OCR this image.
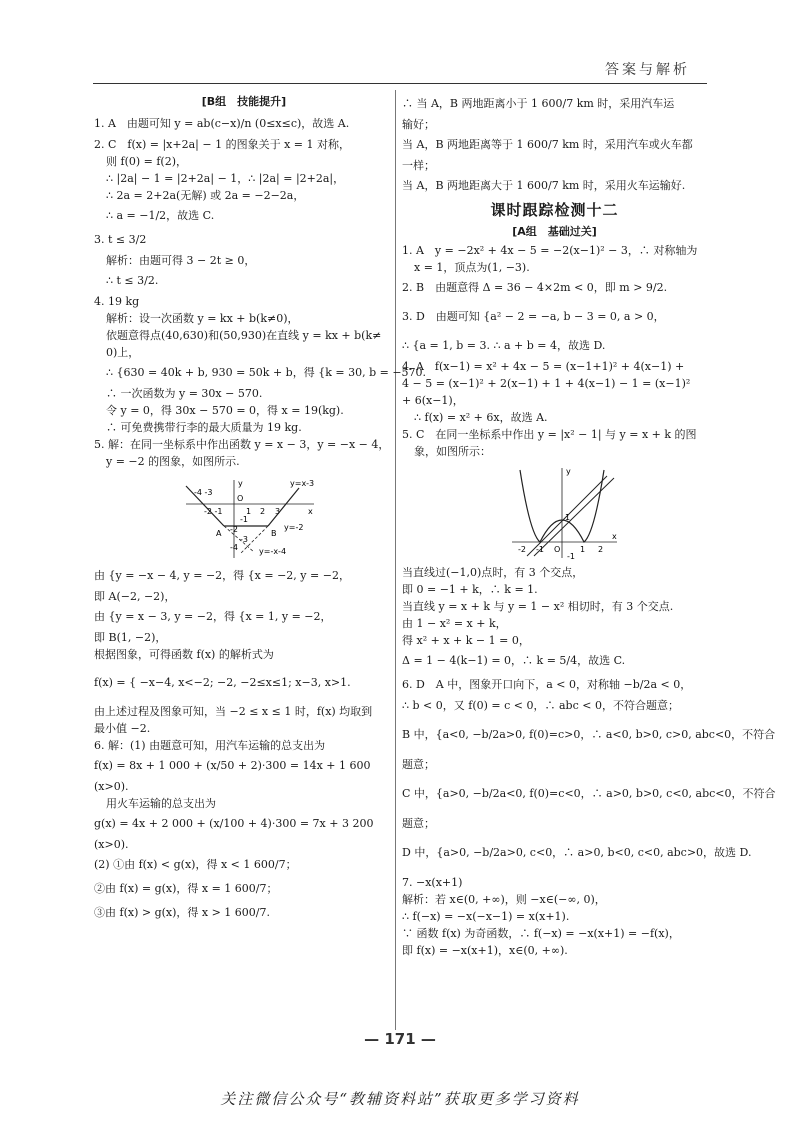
答案与解析
[B组　技能提升]
1. A　由题可知 y = ab(c−x)/n (0≤x≤c)，故选 A.
2. C　f(x) = |x+2a| − 1 的图象关于 x = 1 对称，
则 f(0) = f(2)，
∴ |2a| − 1 = |2+2a| − 1，∴ |2a| = |2+2a|，
∴ 2a = 2+2a(无解) 或 2a = −2−2a，
∴ a = −1/2，故选 C.
3. t ≤ 3/2
解析：由题可得 3 − 2t ≥ 0，
∴ t ≤ 3/2.
4. 19 kg
解析：设一次函数 y = kx + b(k≠0)，
依题意得点(40,630)和(50,930)在直线 y = kx + b(k≠
0)上，
∴ {630 = 40k + b, 930 = 50k + b，得 {k = 30, b = −570.
∴ 一次函数为 y = 30x − 570.
令 y = 0，得 30x − 570 = 0，得 x = 19(kg).
∴ 可免费携带行李的最大质量为 19 kg.
5. 解：在同一坐标系中作出函数 y = x − 3，y = −x − 4，
y = −2 的图象，如图所示.
y
O
x
y=x-3
y=-2
y=-x-4
A	B
-4 -3
-2 -1	1 2 3
-1
-2
-3
-4
由 {y = −x − 4, y = −2，得 {x = −2, y = −2，
即 A(−2, −2)，
由 {y = x − 3, y = −2，得 {x = 1, y = −2，
即 B(1, −2)，
根据图象，可得函数 f(x) 的解析式为
f(x) = { −x−4, x<−2; −2, −2≤x≤1; x−3, x>1.
由上述过程及图象可知，当 −2 ≤ x ≤ 1 时，f(x) 均取到
最小值 −2.
6. 解：(1) 由题意可知，用汽车运输的总支出为
f(x) = 8x + 1 000 + (x/50 + 2)·300 = 14x + 1 600
(x>0).
用火车运输的总支出为
g(x) = 4x + 2 000 + (x/100 + 4)·300 = 7x + 3 200
(x>0).
(2) ①由 f(x) < g(x)，得 x < 1 600/7；
②由 f(x) = g(x)，得 x = 1 600/7；
③由 f(x) > g(x)，得 x > 1 600/7.
∴ 当 A，B 两地距离小于 1 600/7 km 时，采用汽车运
输好；
当 A，B 两地距离等于 1 600/7 km 时，采用汽车或火车都
一样；
当 A，B 两地距离大于 1 600/7 km 时，采用火车运输好.
课时跟踪检测十二
[A组　基础过关]
1. A　y = −2x² + 4x − 5 = −2(x−1)² − 3，∴ 对称轴为
x = 1，顶点为(1, −3).
2. B　由题意得 Δ = 36 − 4×2m < 0，即 m > 9/2.
3. D　由题可知 {a² − 2 = −a, b − 3 = 0, a > 0，
∴ {a = 1, b = 3. ∴ a + b = 4，故选 D.
4. A　f(x−1) = x² + 4x − 5 = (x−1+1)² + 4(x−1) +
4 − 5 = (x−1)² + 2(x−1) + 1 + 4(x−1) − 1 = (x−1)²
+ 6(x−1)，
∴ f(x) = x² + 6x，故选 A.
5. C　在同一坐标系中作出 y = |x² − 1| 与 y = x + k 的图
象，如图所示：
y
x
O
-2 -1	1 2
-1
1
当直线过(−1,0)点时，有 3 个交点，
即 0 = −1 + k，∴ k = 1.
当直线 y = x + k 与 y = 1 − x² 相切时，有 3 个交点.
由 1 − x² = x + k，
得 x² + x + k − 1 = 0，
Δ = 1 − 4(k−1) = 0，∴ k = 5/4，故选 C.
6. D　A 中，图象开口向下，a < 0，对称轴 −b/2a < 0，
∴ b < 0，又 f(0) = c < 0，∴ abc < 0，不符合题意；
B 中，{a<0, −b/2a>0, f(0)=c>0，∴ a<0, b>0, c>0, abc<0，不符合
题意；
C 中，{a>0, −b/2a<0, f(0)=c<0，∴ a>0, b>0, c<0, abc<0，不符合
题意；
D 中，{a>0, −b/2a>0, c<0，∴ a>0, b<0, c<0, abc>0，故选 D.
7. −x(x+1)
解析：若 x∈(0, +∞)，则 −x∈(−∞, 0)，
∴ f(−x) = −x(−x−1) = x(x+1).
∵ 函数 f(x) 为奇函数，∴ f(−x) = −x(x+1) = −f(x)，
即 f(x) = −x(x+1)，x∈(0, +∞).
— 171 —
关注微信公众号“教辅资料站”获取更多学习资料
